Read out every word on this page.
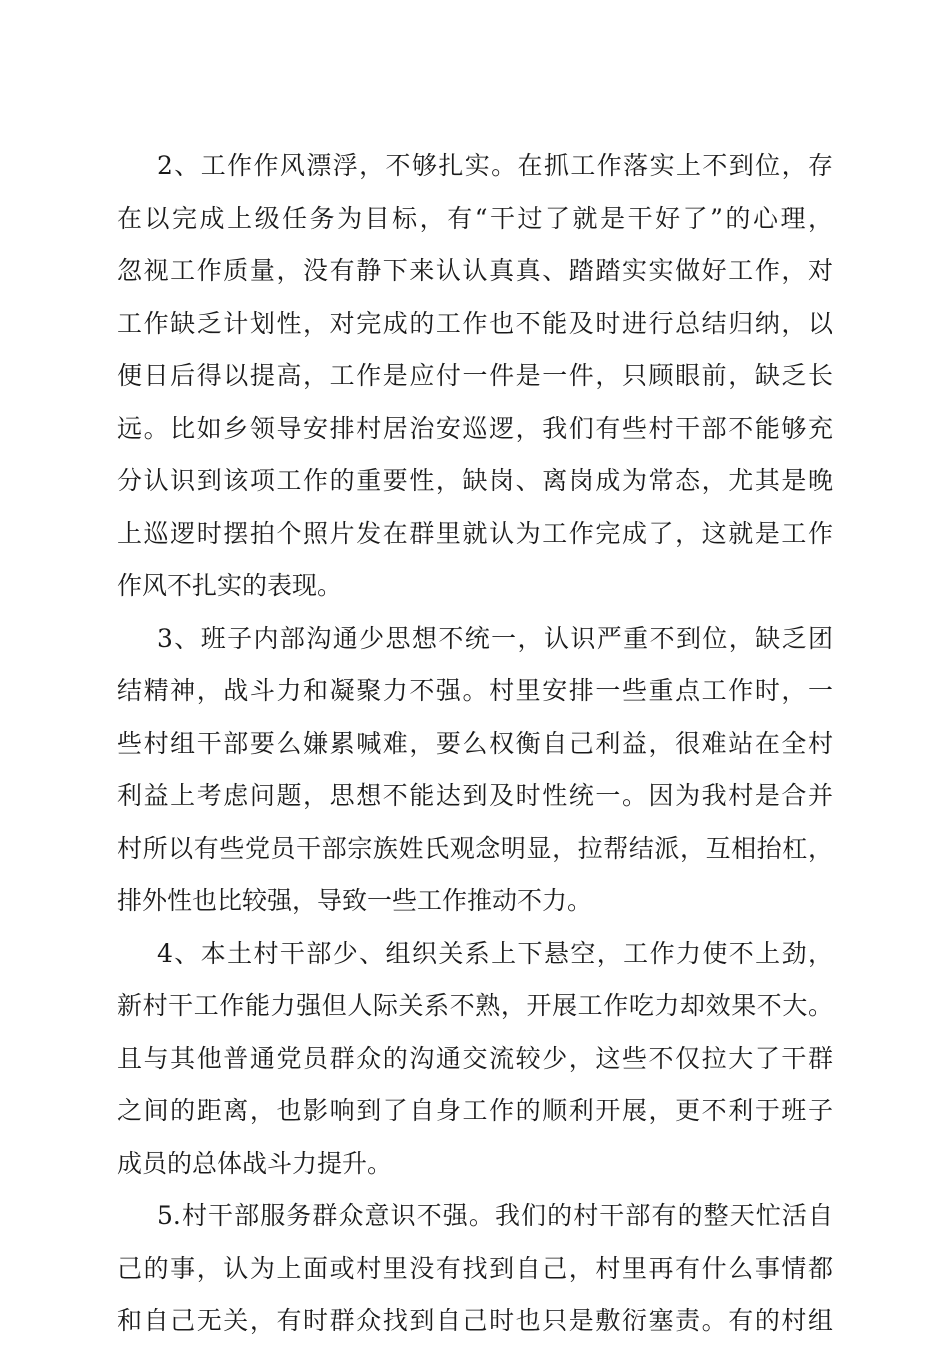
2、工作作风漂浮，不够扎实。在抓工作落实上不到位，存
在以完成上级任务为目标，有“干过了就是干好了”的心理，
忽视工作质量，没有静下来认认真真、踏踏实实做好工作，对
工作缺乏计划性，对完成的工作也不能及时进行总结归纳，以
便日后得以提高，工作是应付一件是一件，只顾眼前，缺乏长
远。比如乡领导安排村居治安巡逻，我们有些村干部不能够充
分认识到该项工作的重要性，缺岗、离岗成为常态，尤其是晚
上巡逻时摆拍个照片发在群里就认为工作完成了，这就是工作
作风不扎实的表现。
3、班子内部沟通少思想不统一，认识严重不到位，缺乏团
结精神，战斗力和凝聚力不强。村里安排一些重点工作时，一
些村组干部要么嫌累喊难，要么权衡自己利益，很难站在全村
利益上考虑问题，思想不能达到及时性统一。因为我村是合并
村所以有些党员干部宗族姓氏观念明显，拉帮结派，互相抬杠，
排外性也比较强，导致一些工作推动不力。
4、本土村干部少、组织关系上下悬空，工作力使不上劲，
新村干工作能力强但人际关系不熟，开展工作吃力却效果不大。
且与其他普通党员群众的沟通交流较少，这些不仅拉大了干群
之间的距离，也影响到了自身工作的顺利开展，更不利于班子
成员的总体战斗力提升。
5.村干部服务群众意识不强。我们的村干部有的整天忙活自
己的事，认为上面或村里没有找到自己，村里再有什么事情都
和自己无关，有时群众找到自己时也只是敷衍塞责。有的村组
